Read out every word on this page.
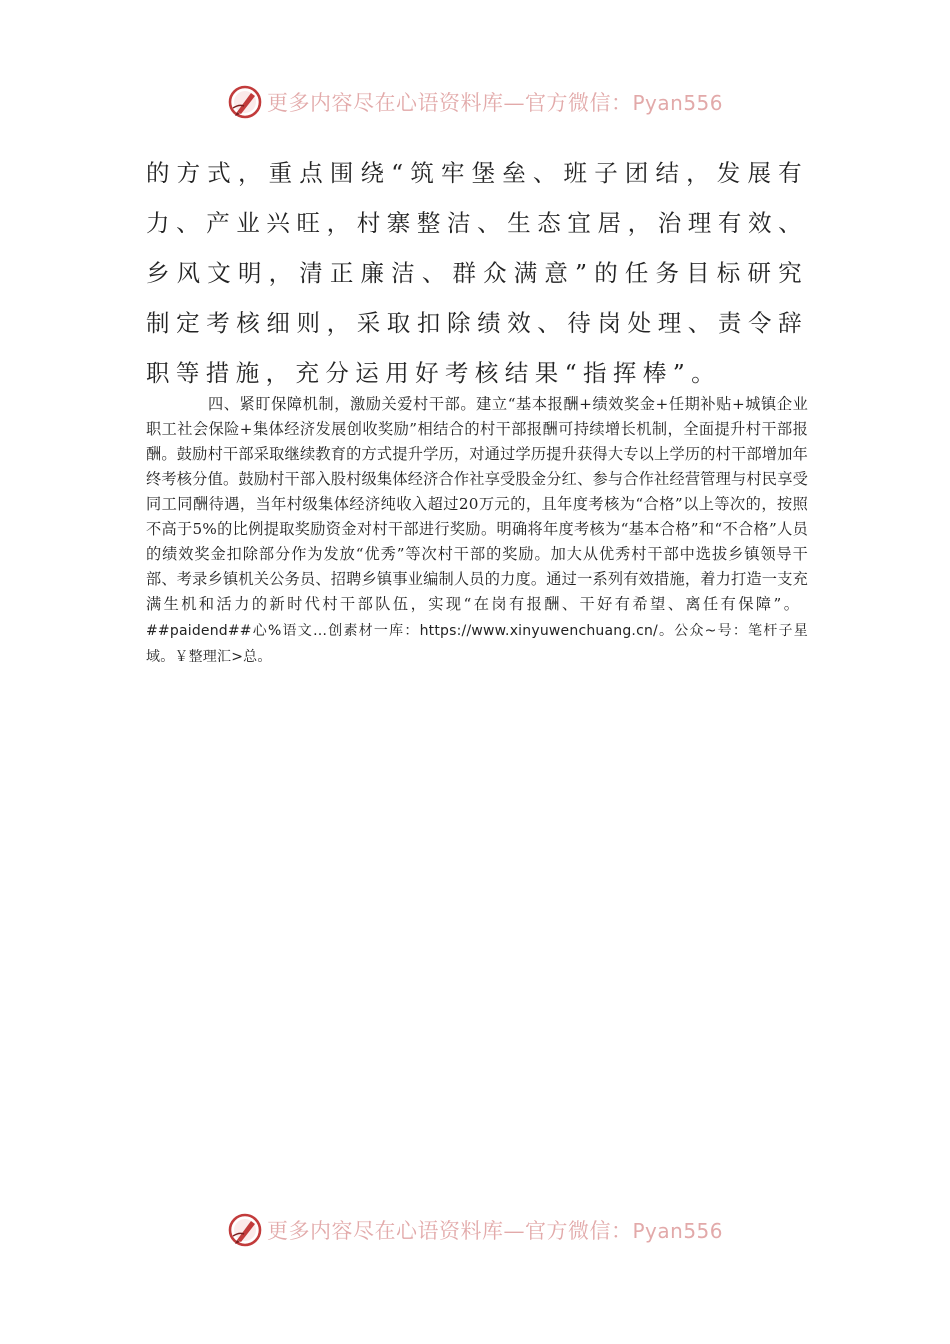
更多内容尽在心语资料库—官方微信：Pyan556

的方式，重点围绕“筑牢堡垒、班子团结，发展有力、产业兴旺，村寨整洁、生态宜居，治理有效、乡风文明，清正廉洁、群众满意”的任务目标研究制定考核细则，采取扣除绩效、待岗处理、责令辞职等措施，充分运用好考核结果“指挥棒”。

四、紧盯保障机制，激励关爱村干部。建立“基本报酬+绩效奖金+任期补贴+城镇企业职工社会保险+集体经济发展创收奖励”相结合的村干部报酬可持续增长机制，全面提升村干部报酬。鼓励村干部采取继续教育的方式提升学历，对通过学历提升获得大专以上学历的村干部增加年终考核分值。鼓励村干部入股村级集体经济合作社享受股金分红、参与合作社经营管理与村民享受同工同酬待遇，当年村级集体经济纯收入超过20万元的，且年度考核为“合格”以上等次的，按照不高于5%的比例提取奖励资金对村干部进行奖励。明确将年度考核为“基本合格”和“不合格”人员的绩效奖金扣除部分作为发放“优秀”等次村干部的奖励。加大从优秀村干部中选拔乡镇领导干部、考录乡镇机关公务员、招聘乡镇事业编制人员的力度。通过一系列有效措施，着力打造一支充满生机和活力的新时代村干部队伍，实现“在岗有报酬、干好有希望、离任有保障”。　##paidend##心%语文…创素材一库：https://www.xinyuwenchuang.cn/。公众~号：笔杆子星域。￥整理汇>总。

更多内容尽在心语资料库—官方微信：Pyan556
